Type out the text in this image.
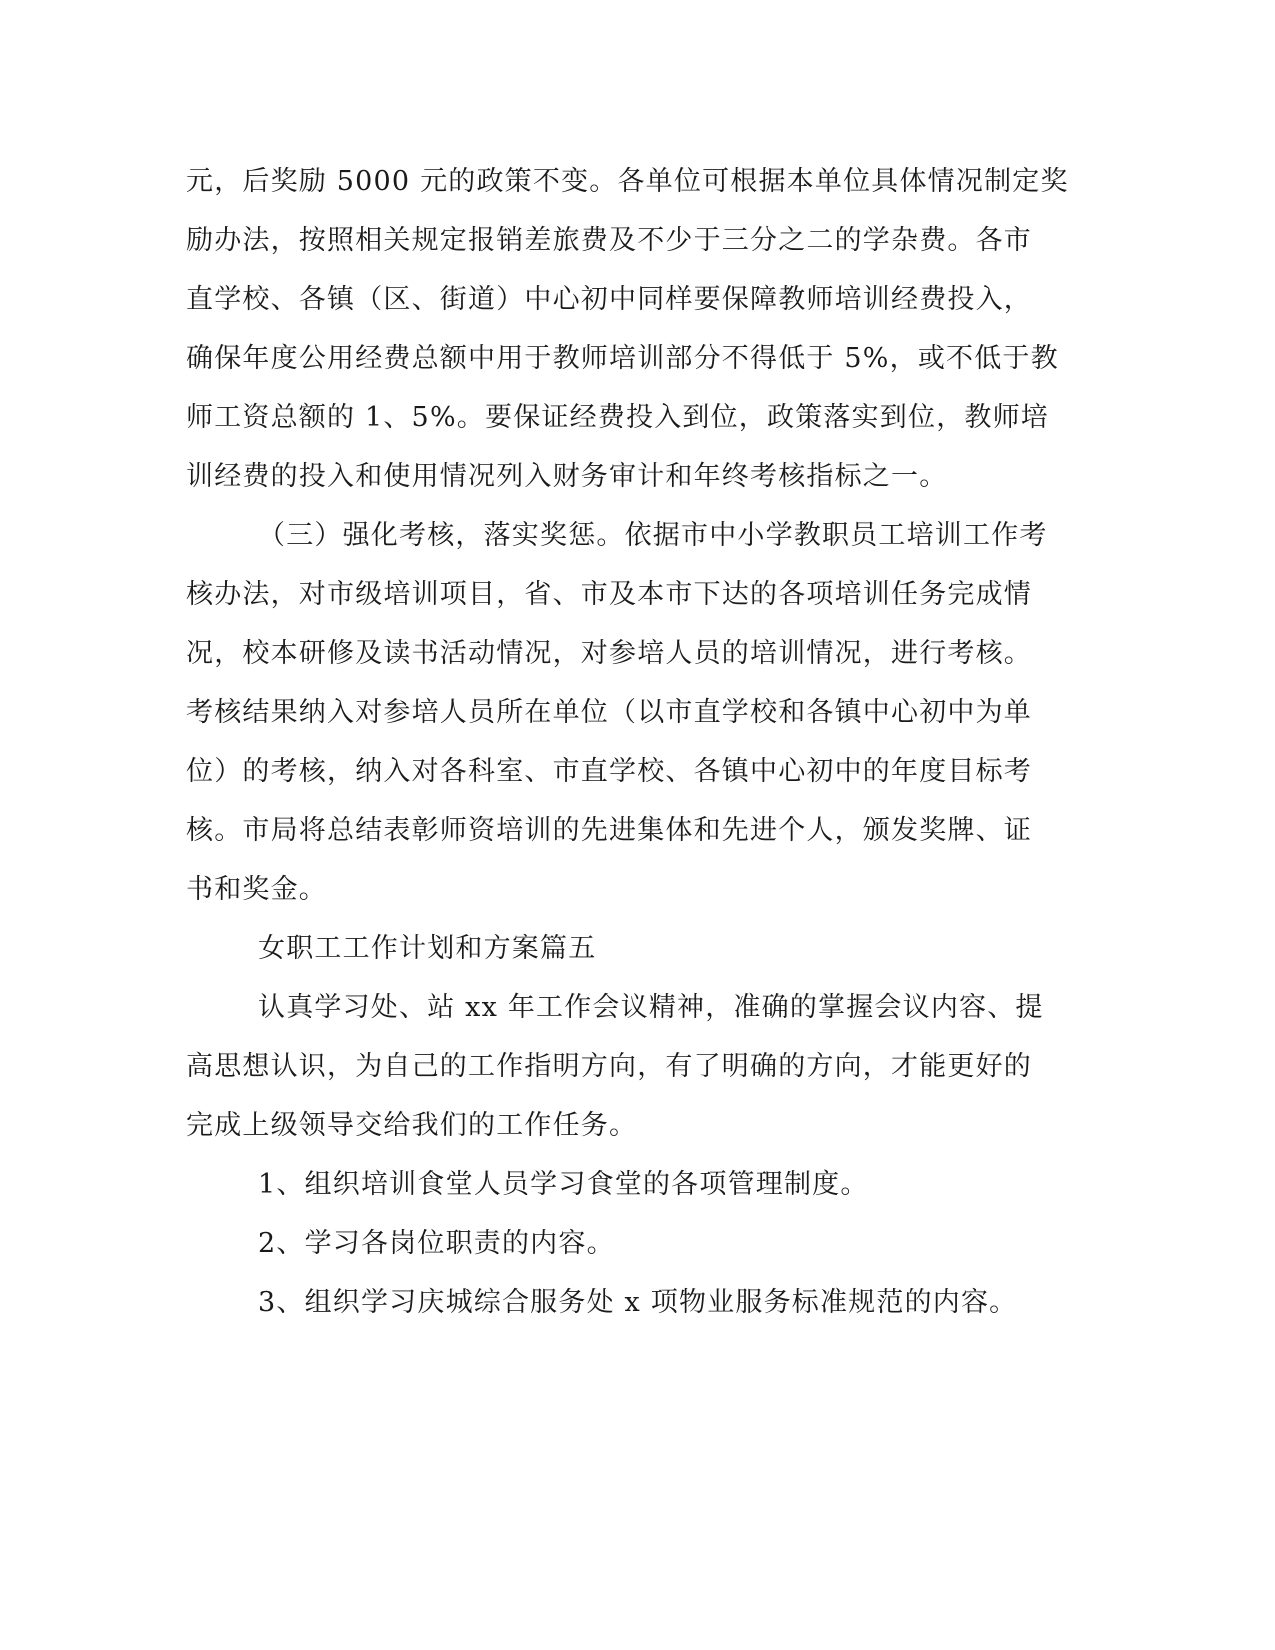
元，后奖励 5000 元的政策不变。各单位可根据本单位具体情况制定奖
励办法，按照相关规定报销差旅费及不少于三分之二的学杂费。各市
直学校、各镇（区、街道）中心初中同样要保障教师培训经费投入，
确保年度公用经费总额中用于教师培训部分不得低于 5%，或不低于教
师工资总额的 1、5%。要保证经费投入到位，政策落实到位，教师培
训经费的投入和使用情况列入财务审计和年终考核指标之一。
（三）强化考核，落实奖惩。依据市中小学教职员工培训工作考
核办法，对市级培训项目，省、市及本市下达的各项培训任务完成情
况，校本研修及读书活动情况，对参培人员的培训情况，进行考核。
考核结果纳入对参培人员所在单位（以市直学校和各镇中心初中为单
位）的考核，纳入对各科室、市直学校、各镇中心初中的年度目标考
核。市局将总结表彰师资培训的先进集体和先进个人，颁发奖牌、证
书和奖金。
女职工工作计划和方案篇五
认真学习处、站 xx 年工作会议精神，准确的掌握会议内容、提
高思想认识，为自己的工作指明方向，有了明确的方向，才能更好的
完成上级领导交给我们的工作任务。
1、组织培训食堂人员学习食堂的各项管理制度。
2、学习各岗位职责的内容。
3、组织学习庆城综合服务处 x 项物业服务标准规范的内容。
